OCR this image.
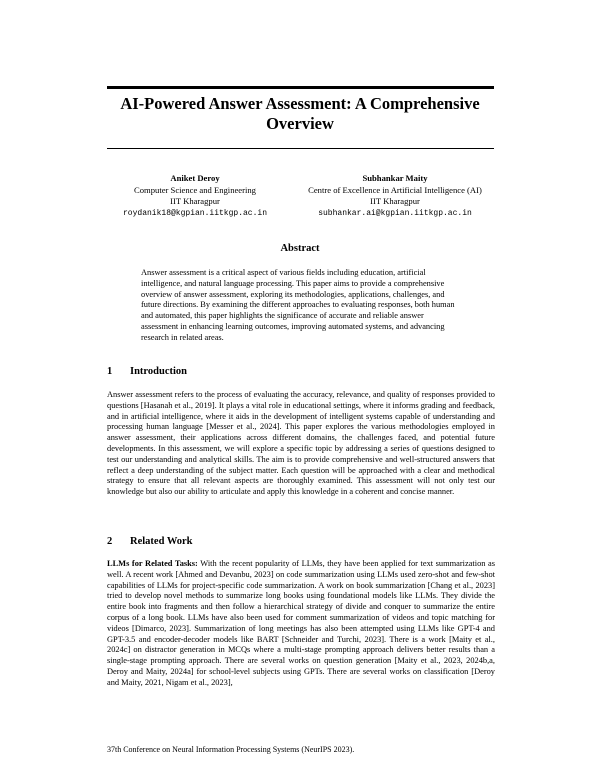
AI-Powered Answer Assessment: A Comprehensive Overview
Aniket Deroy
Computer Science and Engineering
IIT Kharagpur
roydanik18@kgpian.iitkgp.ac.in
Subhankar Maity
Centre of Excellence in Artificial Intelligence (AI)
IIT Kharagpur
subhankar.ai@kgpian.iitkgp.ac.in
Abstract
Answer assessment is a critical aspect of various fields including education, artificial intelligence, and natural language processing. This paper aims to provide a comprehensive overview of answer assessment, exploring its methodologies, applications, challenges, and future directions. By examining the different approaches to evaluating responses, both human and automated, this paper highlights the significance of accurate and reliable answer assessment in enhancing learning outcomes, improving automated systems, and advancing research in related areas.
1 Introduction
Answer assessment refers to the process of evaluating the accuracy, relevance, and quality of responses provided to questions [Hasanah et al., 2019]. It plays a vital role in educational settings, where it informs grading and feedback, and in artificial intelligence, where it aids in the development of intelligent systems capable of understanding and processing human language [Messer et al., 2024]. This paper explores the various methodologies employed in answer assessment, their applications across different domains, the challenges faced, and potential future developments. In this assessment, we will explore a specific topic by addressing a series of questions designed to test our understanding and analytical skills. The aim is to provide comprehensive and well-structured answers that reflect a deep understanding of the subject matter. Each question will be approached with a clear and methodical strategy to ensure that all relevant aspects are thoroughly examined. This assessment will not only test our knowledge but also our ability to articulate and apply this knowledge in a coherent and concise manner.
2 Related Work
LLMs for Related Tasks: With the recent popularity of LLMs, they have been applied for text summarization as well. A recent work [Ahmed and Devanbu, 2023] on code summarization using LLMs used zero-shot and few-shot capabilities of LLMs for project-specific code summarization. A work on book summarization [Chang et al., 2023] tried to develop novel methods to summarize long books using foundational models like LLMs. They divide the entire book into fragments and then follow a hierarchical strategy of divide and conquer to summarize the entire corpus of a long book. LLMs have also been used for comment summarization of videos and topic matching for videos [Dimarco, 2023]. Summarization of long meetings has also been attempted using LLMs like GPT-4 and GPT-3.5 and encoder-decoder models like BART [Schneider and Turchi, 2023]. There is a work [Maity et al., 2024c] on distractor generation in MCQs where a multi-stage prompting approach delivers better results than a single-stage prompting approach. There are several works on question generation [Maity et al., 2023, 2024b,a, Deroy and Maity, 2024a] for school-level subjects using GPTs. There are several works on classification [Deroy and Maity, 2021, Nigam et al., 2023],
37th Conference on Neural Information Processing Systems (NeurIPS 2023).
